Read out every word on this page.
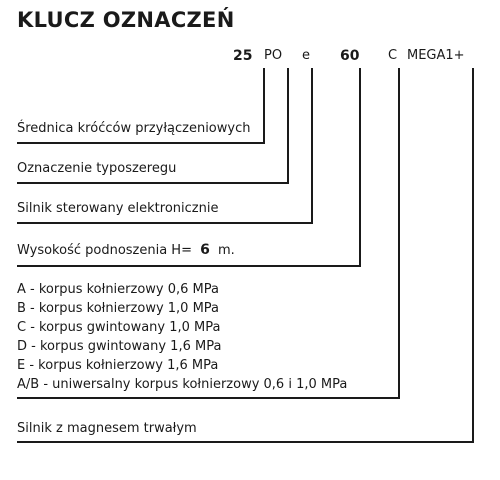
KLUCZ OZNACZEŃ
25 PO e 60 C MEGA1+
Średnica króćców przyłączeniowych
Oznaczenie typoszeregu
Silnik sterowany elektronicznie
Wysokość podnoszenia H= 6 m.
A - korpus kołnierzowy 0,6 MPa
B - korpus kołnierzowy 1,0 MPa
C - korpus gwintowany 1,0 MPa
D - korpus gwintowany 1,6 MPa
E - korpus kołnierzowy 1,6 MPa
A/B - uniwersalny korpus kołnierzowy 0,6 i 1,0 MPa
Silnik z magnesem trwałym
